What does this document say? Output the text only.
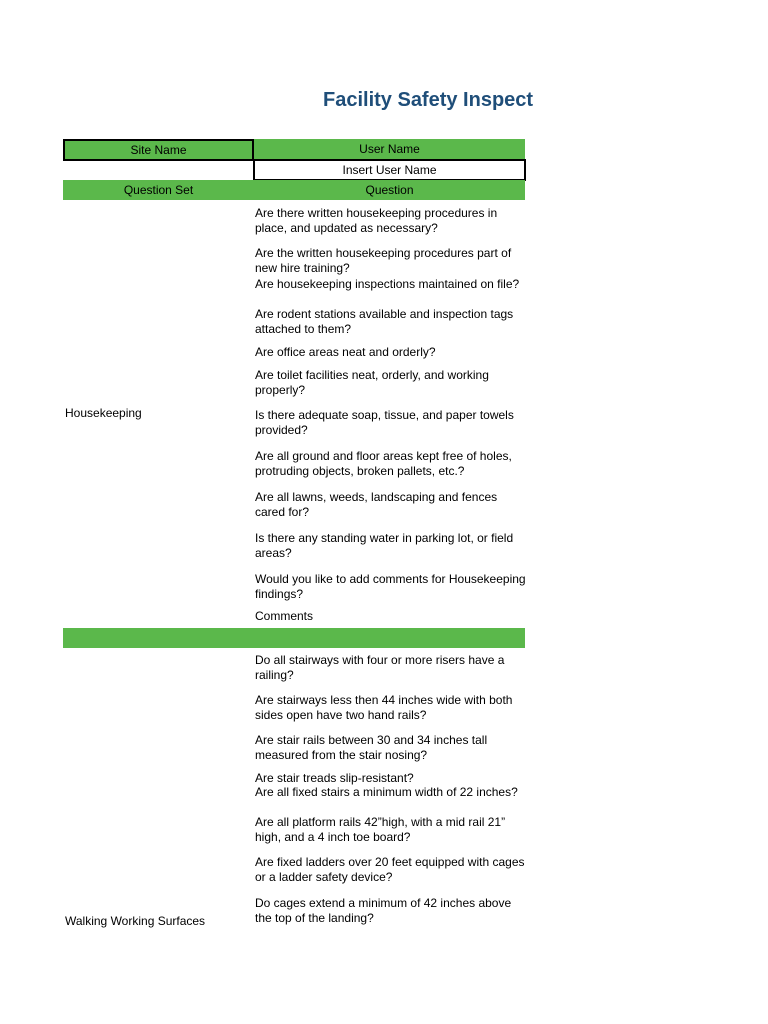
Facility Safety Inspect
Site Name	User Name
Insert User Name
Question Set	Question
Housekeeping
Are there written housekeeping procedures in place, and updated as necessary?
Are the written housekeeping procedures part of new hire training?
Are housekeeping inspections maintained on file?
Are rodent stations available and inspection tags attached to them?
Are office areas neat and orderly?
Are toilet facilities neat, orderly, and working properly?
Is there adequate soap, tissue, and paper towels provided?
Are all ground and floor areas kept free of holes, protruding objects, broken pallets, etc.?
Are all lawns, weeds, landscaping and fences cared for?
Is there any standing water in parking lot, or field areas?
Would you like to add comments for Housekeeping findings?
Comments
Walking Working Surfaces
Do all stairways with four or more risers have a railing?
Are stairways less then 44 inches wide with both sides open have two hand rails?
Are stair rails between 30 and 34 inches tall measured from the stair nosing?
Are stair treads slip-resistant?
Are all fixed stairs a minimum width of 22 inches?
Are all platform rails 42”high, with a mid rail 21” high, and a 4 inch toe board?
Are fixed ladders over 20 feet equipped with cages or a ladder safety device?
Do cages extend a minimum of 42 inches above the top of the landing?
